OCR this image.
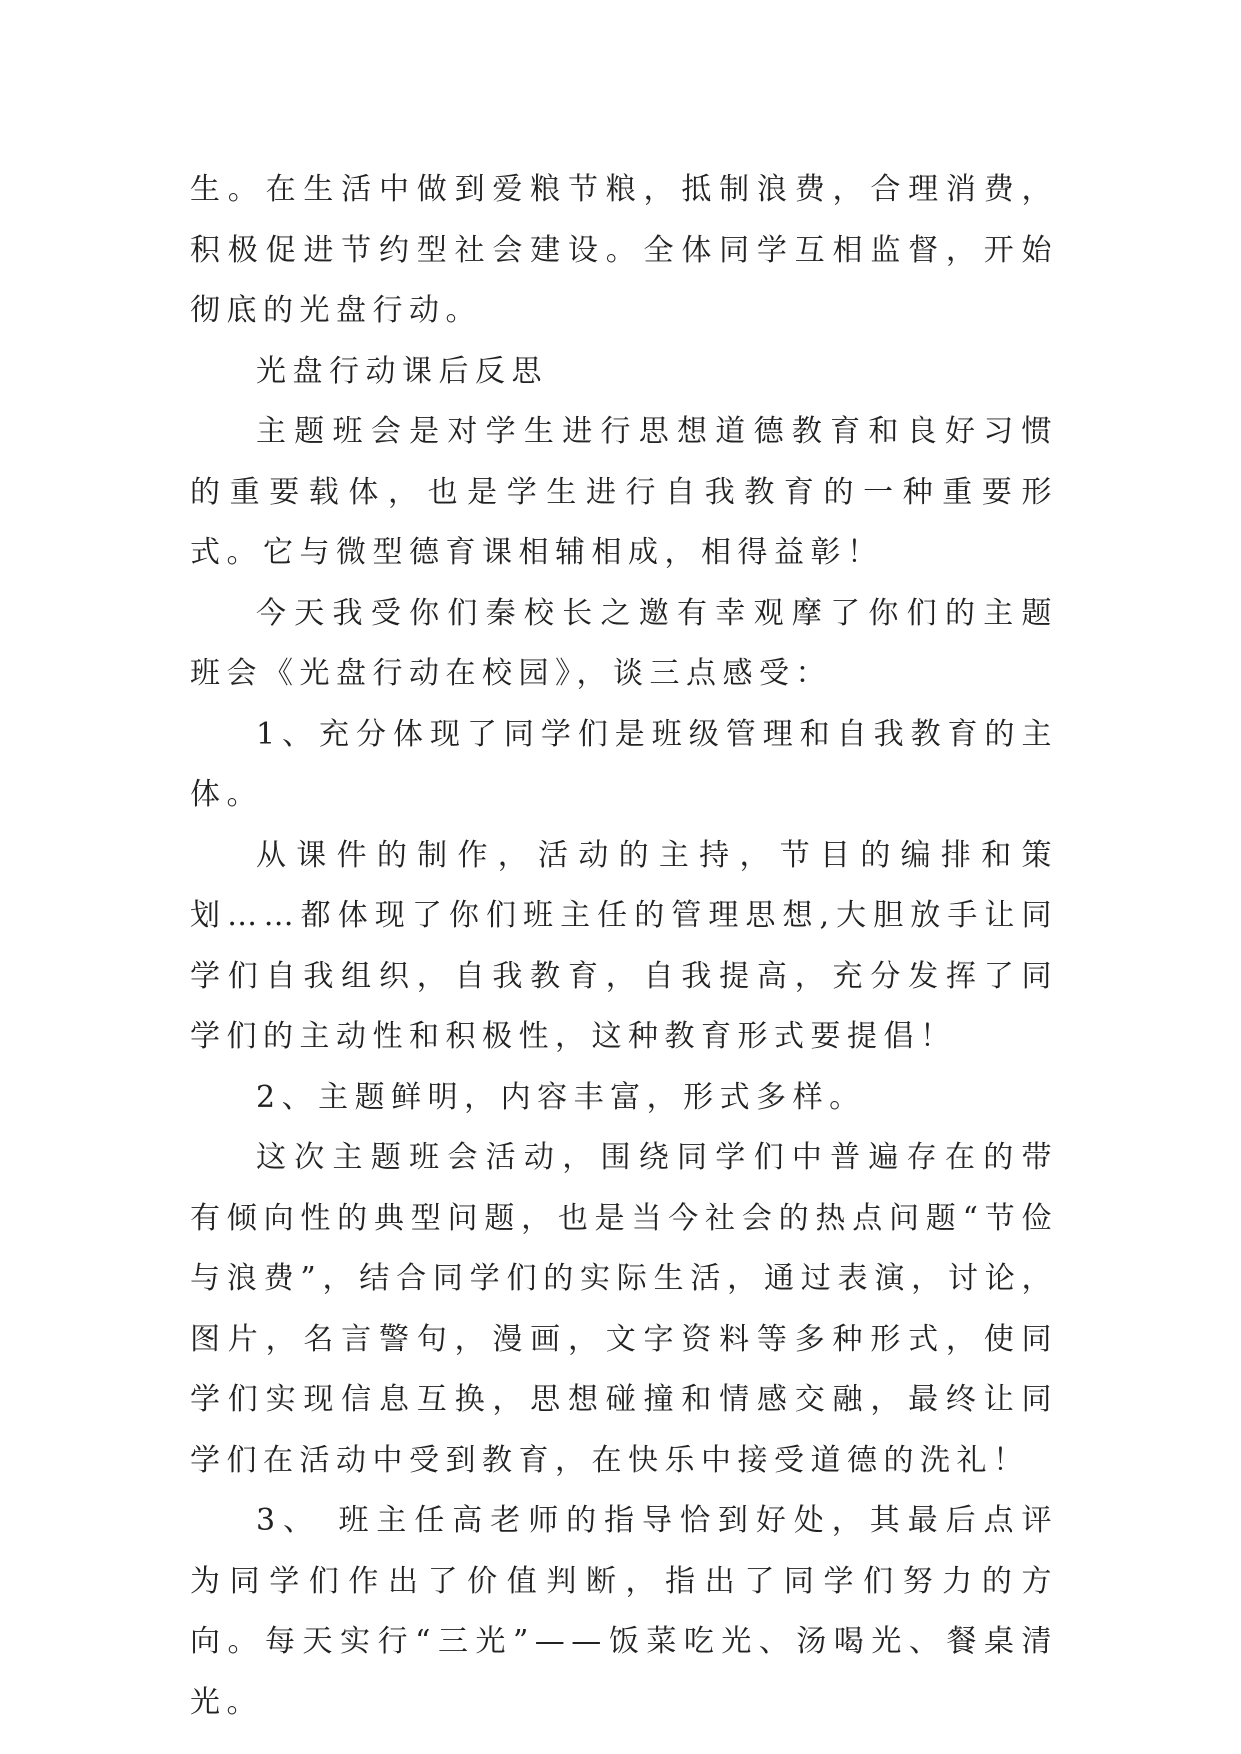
生。在生活中做到爱粮节粮，抵制浪费，合理消费，积极促进节约型社会建设。全体同学互相监督，开始彻底的光盘行动。

光盘行动课后反思

主题班会是对学生进行思想道德教育和良好习惯的重要载体，也是学生进行自我教育的一种重要形式。它与微型德育课相辅相成，相得益彰！

今天我受你们秦校长之邀有幸观摩了你们的主题班会《光盘行动在校园》，谈三点感受：

1、充分体现了同学们是班级管理和自我教育的主体。

从课件的制作，活动的主持，节目的编排和策划……都体现了你们班主任的管理思想,大胆放手让同学们自我组织，自我教育，自我提高，充分发挥了同学们的主动性和积极性，这种教育形式要提倡！

2、主题鲜明，内容丰富，形式多样。

这次主题班会活动，围绕同学们中普遍存在的带有倾向性的典型问题，也是当今社会的热点问题“节俭与浪费”，结合同学们的实际生活，通过表演，讨论，图片，名言警句，漫画，文字资料等多种形式，使同学们实现信息互换，思想碰撞和情感交融，最终让同学们在活动中受到教育，在快乐中接受道德的洗礼！

3、 班主任高老师的指导恰到好处，其最后点评为同学们作出了价值判断，指出了同学们努力的方向。每天实行“三光”——饭菜吃光、汤喝光、餐桌清光。
